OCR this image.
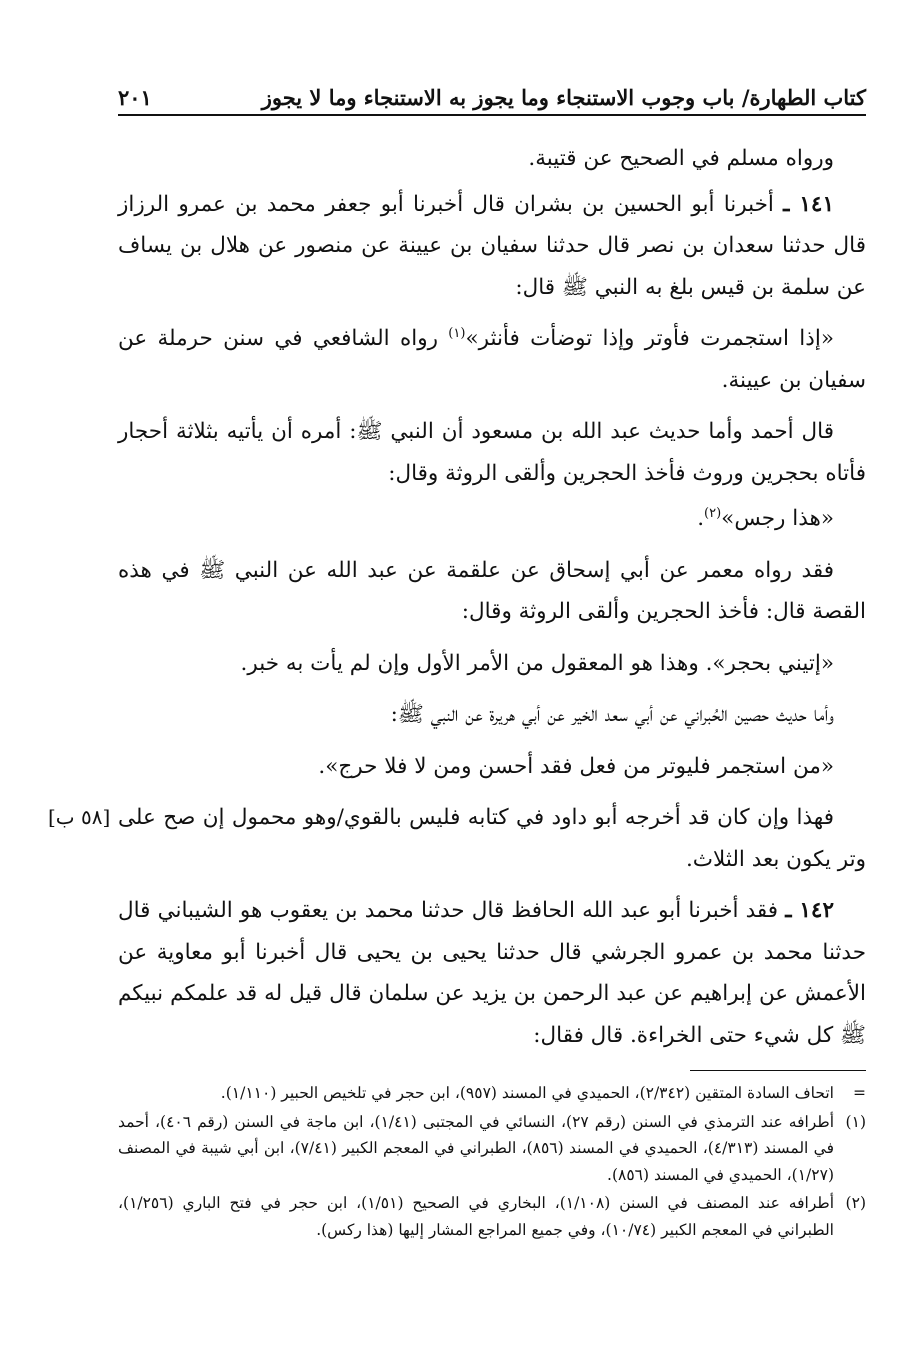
كتاب الطهارة/ باب وجوب الاستنجاء وما يجوز به الاستنجاء وما لا يجوز
٢٠١
[٥٨ ب]

ورواه مسلم في الصحيح عن قتيبة.

١٤١ ـ أخبرنا أبو الحسين بن بشران قال أخبرنا أبو جعفر محمد بن عمرو الرزاز قال حدثنا سعدان بن نصر قال حدثنا سفيان بن عيينة عن منصور عن هلال بن يساف عن سلمة بن قيس بلغ به النبي ﷺ قال:

«إذا استجمرت فأوتر وإذا توضأت فأنثر»$^{(١)}$ رواه الشافعي في سنن حرملة عن سفيان بن عيينة.

قال أحمد وأما حديث عبد الله بن مسعود أن النبي ﷺ: أمره أن يأتيه بثلاثة أحجار فأتاه بحجرين وروث فأخذ الحجرين وألقى الروثة وقال:

«هذا رجس»$^{(٢)}$.

فقد رواه معمر عن أبي إسحاق عن علقمة عن عبد الله عن النبي ﷺ في هذه القصة قال: فأخذ الحجرين وألقى الروثة وقال:

«إتيني بحجر». وهذا هو المعقول من الأمر الأول وإن لم يأت به خبر.

وأما حديث حصين الحُبراني عن أبي سعد الخير عن أبي هريرة عن النبي ﷺ:

«من استجمر فليوتر من فعل فقد أحسن ومن لا فلا حرج».

فهذا وإن كان قد أخرجه أبو داود في كتابه فليس بالقوي/وهو محمول إن صح على وتر يكون بعد الثلاث.

١٤٢ ـ فقد أخبرنا أبو عبد الله الحافظ قال حدثنا محمد بن يعقوب هو الشيباني قال حدثنا محمد بن عمرو الجرشي قال حدثنا يحيى بن يحيى قال أخبرنا أبو معاوية عن الأعمش عن إبراهيم عن عبد الرحمن بن يزيد عن سلمان قال قيل له قد علمكم نبيكم ﷺ كل شيء حتى الخراءة. قال فقال:

=
اتحاف السادة المتقين (٢/٣٤٢)، الحميدي في المسند (٩٥٧)، ابن حجر في تلخيص الحبير (١/١١٠).

(١)
أطرافه عند الترمذي في السنن (رقم ٢٧)، النسائي في المجتبى (١/٤١)، ابن ماجة في السنن (رقم ٤٠٦)، أحمد في المسند (٤/٣١٣)، الحميدي في المسند (٨٥٦)، الطبراني في المعجم الكبير (٧/٤١)، ابن أبي شيبة في المصنف (١/٢٧)، الحميدي في المسند (٨٥٦).

(٢)
أطرافه عند المصنف في السنن (١/١٠٨)، البخاري في الصحيح (١/٥١)، ابن حجر في فتح الباري (١/٢٥٦)، الطبراني في المعجم الكبير (١٠/٧٤)، وفي جميع المراجع المشار إليها (هذا ركس).
